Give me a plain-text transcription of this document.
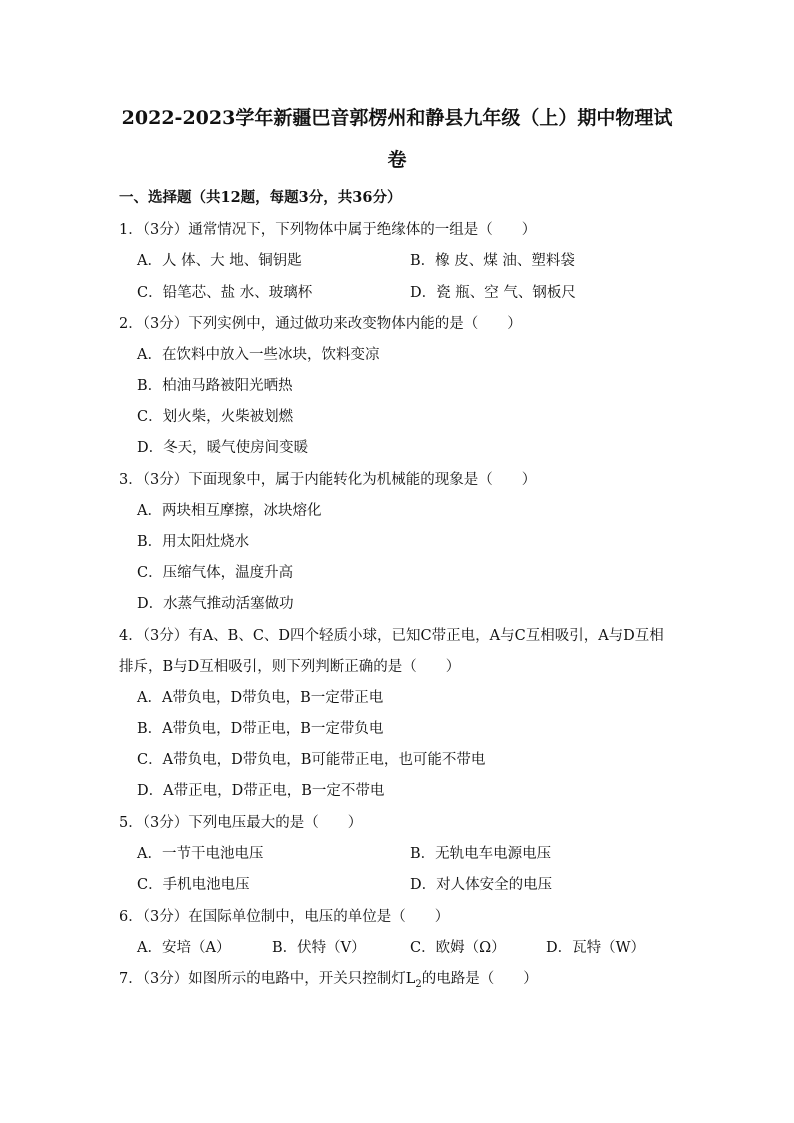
2022-2023学年新疆巴音郭楞州和静县九年级（上）期中物理试
卷
一、选择题（共12题，每题3分，共36分）
1．（3分）通常情况下，下列物体中属于绝缘体的一组是（　　）
A．人 体、大 地、铜钥匙	B．橡 皮、煤 油、塑料袋
C．铅笔芯、盐 水、玻璃杯	D．瓷 瓶、空 气、钢板尺
2．（3分）下列实例中，通过做功来改变物体内能的是（　　）
A．在饮料中放入一些冰块，饮料变凉
B．柏油马路被阳光晒热
C．划火柴，火柴被划燃
D．冬天，暖气使房间变暖
3．（3分）下面现象中，属于内能转化为机械能的现象是（　　）
A．两块相互摩擦，冰块熔化
B．用太阳灶烧水
C．压缩气体，温度升高
D．水蒸气推动活塞做功
4．（3分）有A、B、C、D四个轻质小球，已知C带正电，A与C互相吸引，A与D互相
排斥，B与D互相吸引，则下列判断正确的是（　　）
A．A带负电，D带负电，B一定带正电
B．A带负电，D带正电，B一定带负电
C．A带负电，D带负电，B可能带正电，也可能不带电
D．A带正电，D带正电，B一定不带电
5．（3分）下列电压最大的是（　　）
A．一节干电池电压	B．无轨电车电源电压
C．手机电池电压	D．对人体安全的电压
6．（3分）在国际单位制中，电压的单位是（　　）
A．安培（A）	B．伏特（V）	C．欧姆（Ω）	D．瓦特（W）
7．（3分）如图所示的电路中，开关只控制灯$L_2$的电路是（　　）
